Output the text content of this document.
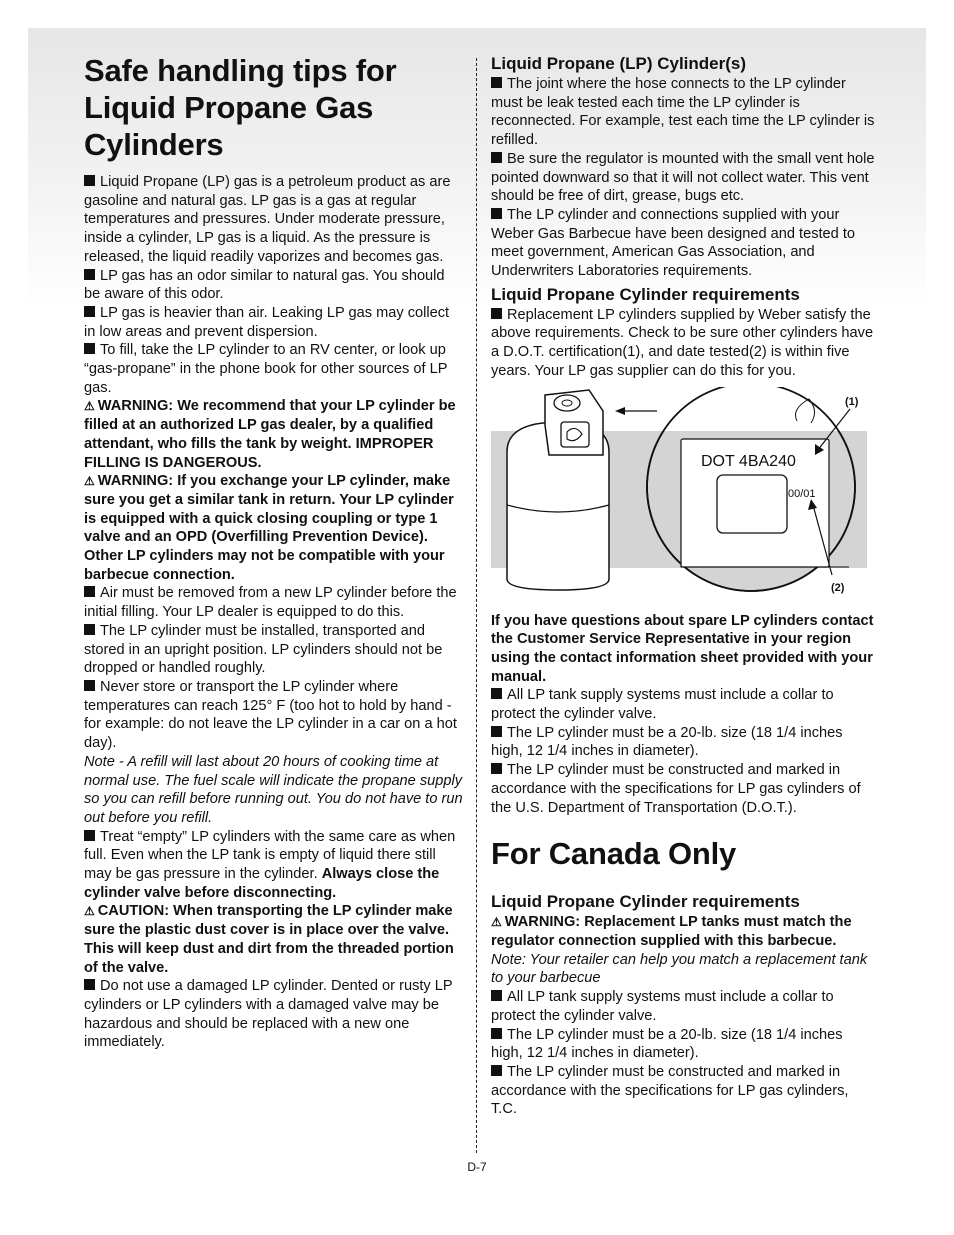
Safe handling tips for Liquid Propane Gas Cylinders

Liquid Propane (LP) gas is a petroleum product as are gasoline and natural gas. LP gas is a gas at regular temperatures and pressures. Under moderate pressure, inside a cylinder, LP gas is a liquid. As the pressure is released, the liquid readily vaporizes and becomes gas.

LP gas has an odor similar to natural gas. You should be aware of this odor.

LP gas is heavier than air. Leaking LP gas may collect in low areas and prevent dispersion.

To fill, take the LP cylinder to an RV center, or look up “gas-propane” in the phone book for other sources of LP gas.

⚠ WARNING: We recommend that your LP cylinder be filled at an authorized LP gas dealer, by a qualified attendant, who fills the tank by weight. IMPROPER FILLING IS DANGEROUS.

⚠ WARNING: If you exchange your LP cylinder, make sure you get a similar tank in return. Your LP cylinder is equipped with a quick closing coupling or type 1 valve and an OPD (Overfilling Prevention Device). Other LP cylinders may not be compatible with your barbecue connection.

Air must be removed from a new LP cylinder before the initial filling. Your LP dealer is equipped to do this.

The LP cylinder must be installed, transported and stored in an upright position. LP cylinders should not be dropped or handled roughly.

Never store or transport the LP cylinder where temperatures can reach 125° F (too hot to hold by hand - for example: do not leave the LP cylinder in a car on a hot day).

Note - A refill will last about 20 hours of cooking time at normal use. The fuel scale will indicate the propane supply so you can refill before running out. You do not have to run out before you refill.

Treat “empty” LP cylinders with the same care as when full. Even when the LP tank is empty of liquid there still may be gas pressure in the cylinder. Always close the cylinder valve before disconnecting.

⚠ CAUTION: When transporting the LP cylinder make sure the plastic dust cover is in place over the valve. This will keep dust and dirt from the threaded portion of the valve.

Do not use a damaged LP cylinder. Dented or rusty LP cylinders or LP cylinders with a damaged valve may be hazardous and should be replaced with a new one immediately.

Liquid Propane (LP) Cylinder(s)

The joint where the hose connects to the LP cylinder must be leak tested each time the LP cylinder is reconnected. For example, test each time the LP cylinder is refilled.

Be sure the regulator is mounted with the small vent hole pointed downward so that it will not collect water. This vent should be free of dirt, grease, bugs etc.

The LP cylinder and connections supplied with your Weber Gas Barbecue have been designed and tested to meet government, American Gas Association, and Underwriters Laboratories requirements.

Liquid Propane Cylinder requirements

Replacement LP cylinders supplied by Weber satisfy the above requirements. Check to be sure other cylinders have a D.O.T. certification(1), and date tested(2) is within five years. Your LP gas supplier can do this for you.

DOT 4BA240
00/01
(1)
(2)

If you have questions about spare LP cylinders contact the Customer Service Representative in your region using the contact information sheet provided with your manual.

All LP tank supply systems must include a collar to protect the cylinder valve.

The LP cylinder must be a 20-lb. size (18 1/4 inches high, 12 1/4 inches in diameter).

The LP cylinder must be constructed and marked in accordance with the specifications for LP gas cylinders of the U.S. Department of Transportation (D.O.T.).

For Canada Only
Liquid Propane Cylinder requirements

⚠ WARNING: Replacement LP tanks must match the regulator connection supplied with this barbecue.

Note: Your retailer can help you match a replacement tank to your barbecue

All LP tank supply systems must include a collar to protect the cylinder valve.

The LP cylinder must be a 20-lb. size (18 1/4 inches high, 12 1/4 inches in diameter).

The LP cylinder must be constructed and marked in accordance with the specifications for LP gas cylinders, T.C.

D-7
